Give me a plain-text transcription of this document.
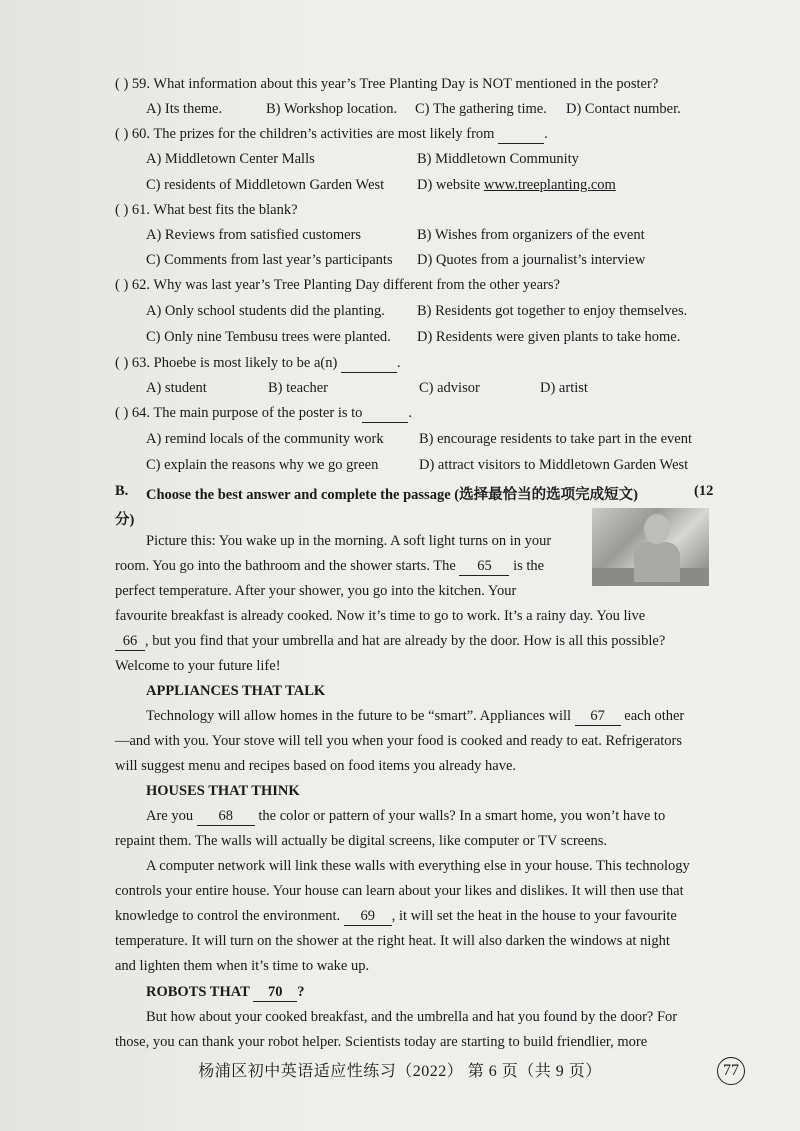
( ) 59. What information about this year’s Tree Planting Day is NOT mentioned in the poster?
A) Its theme.	B) Workshop location. C) The gathering time. D) Contact number.
( ) 60. The prizes for the children’s activities are most likely from	.
A) Middletown Center Malls	B) Middletown Community
C) residents of Middletown Garden West D) website www.treeplanting.com
( ) 61. What best fits the blank?
A) Reviews from satisfied customers	B) Wishes from organizers of the event
C) Comments from last year’s participants D) Quotes from a journalist’s interview
( ) 62. Why was last year’s Tree Planting Day different from the other years?
A) Only school students did the planting. B) Residents got together to enjoy themselves.
C) Only nine Tembusu trees were planted. D) Residents were given plants to take home.
( ) 63. Phoebe is most likely to be a(n)	.
A) student	B) teacher	C) advisor	D) artist
( ) 64. The main purpose of the poster is to	.
A) remind locals of the community work B) encourage residents to take part in the event
C) explain the reasons why we go green	D) attract visitors to Middletown Garden West
B. Choose the best answer and complete the passage (选择最恰当的选项完成短文)	(12
分)
Picture this: You wake up in the morning. A soft light turns on in your
room. You go into the bathroom and the shower starts. The 65 is the
perfect temperature. After your shower, you go into the kitchen. Your
favourite breakfast is already cooked. Now it’s time to go to work. It’s a rainy day. You live
66 , but you find that your umbrella and hat are already by the door. How is all this possible?
Welcome to your future life!
APPLIANCES THAT TALK
Technology will allow homes in the future to be “smart”. Appliances will 67 each other
—and with you. Your stove will tell you when your food is cooked and ready to eat. Refrigerators
will suggest menu and recipes based on food items you already have.
HOUSES THAT THINK
Are you 68 the color or pattern of your walls? In a smart home, you won’t have to
repaint them. The walls will actually be digital screens, like computer or TV screens.
A computer network will link these walls with everything else in your house. This technology
controls your entire house. Your house can learn about your likes and dislikes. It will then use that
knowledge to control the environment. 69 , it will set the heat in the house to your favourite
temperature. It will turn on the shower at the right heat. It will also darken the windows at night
and lighten them when it’s time to wake up.
ROBOTS THAT 70 ?
But how about your cooked breakfast, and the umbrella and hat you found by the door? For
those, you can thank your robot helper. Scientists today are starting to build friendlier, more
杨浦区初中英语适应性练习（2022） 第 6 页（共 9 页）	77
